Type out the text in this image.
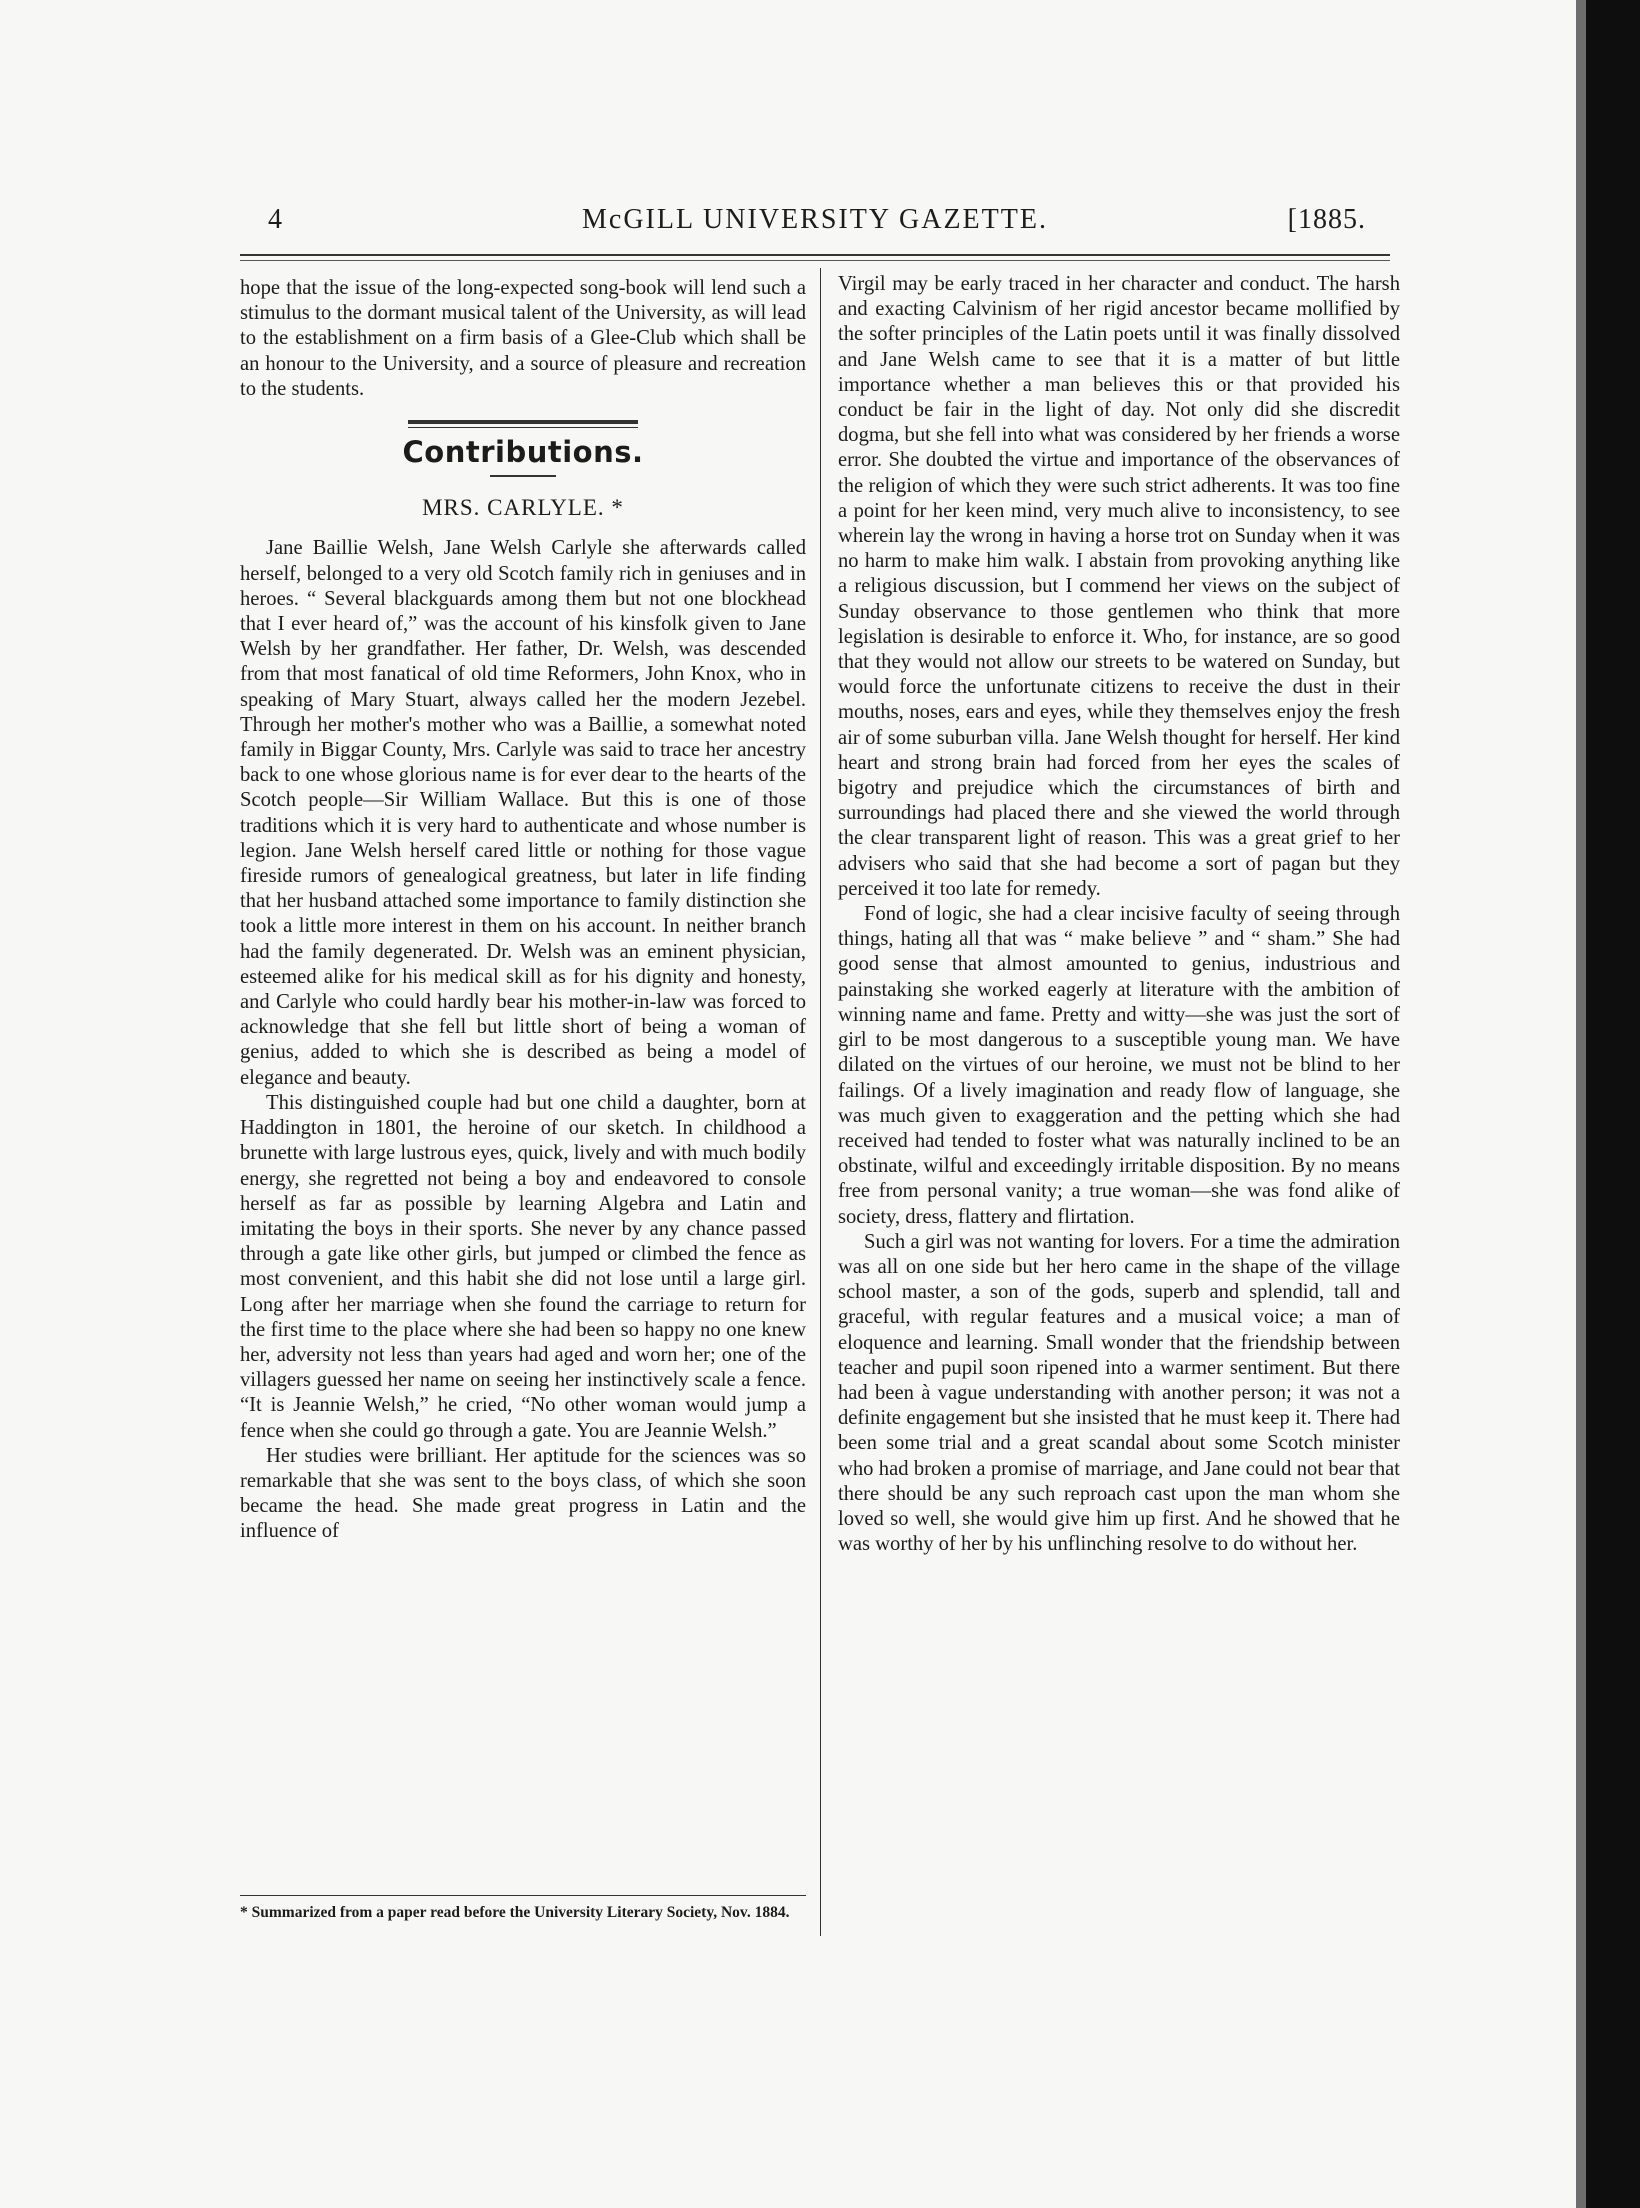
4	McGILL UNIVERSITY GAZETTE.	[1885.

hope that the issue of the long-expected song-book will lend such a stimulus to the dormant musical talent of the University, as will lead to the establishment on a firm basis of a Glee-Club which shall be an honour to the University, and a source of pleasure and recreation to the students.

Contributions.
MRS. CARLYLE. *

Jane Baillie Welsh, Jane Welsh Carlyle she afterwards called herself, belonged to a very old Scotch family rich in geniuses and in heroes. “ Several blackguards among them but not one blockhead that I ever heard of,” was the account of his kinsfolk given to Jane Welsh by her grandfather. Her father, Dr. Welsh, was descended from that most fanatical of old time Reformers, John Knox, who in speaking of Mary Stuart, always called her the modern Jezebel. Through her mother's mother who was a Baillie, a somewhat noted family in Biggar County, Mrs. Carlyle was said to trace her ancestry back to one whose glorious name is for ever dear to the hearts of the Scotch people—Sir William Wallace. But this is one of those traditions which it is very hard to authenticate and whose number is legion. Jane Welsh herself cared little or nothing for those vague fireside rumors of genealogical greatness, but later in life finding that her husband attached some importance to family distinction she took a little more interest in them on his account. In neither branch had the family degenerated. Dr. Welsh was an eminent physician, esteemed alike for his medical skill as for his dignity and honesty, and Carlyle who could hardly bear his mother-in-law was forced to acknowledge that she fell but little short of being a woman of genius, added to which she is described as being a model of elegance and beauty.

This distinguished couple had but one child a daughter, born at Haddington in 1801, the heroine of our sketch. In childhood a brunette with large lustrous eyes, quick, lively and with much bodily energy, she regretted not being a boy and endeavored to console herself as far as possible by learning Algebra and Latin and imitating the boys in their sports. She never by any chance passed through a gate like other girls, but jumped or climbed the fence as most convenient, and this habit she did not lose until a large girl. Long after her marriage when she found the carriage to return for the first time to the place where she had been so happy no one knew her, adversity not less than years had aged and worn her; one of the villagers guessed her name on seeing her instinctively scale a fence. “It is Jeannie Welsh,” he cried, “No other woman would jump a fence when she could go through a gate. You are Jeannie Welsh.”

Her studies were brilliant. Her aptitude for the sciences was so remarkable that she was sent to the boys class, of which she soon became the head. She made great progress in Latin and the influence of

* Summarized from a paper read before the University Literary Society, Nov. 1884.

Virgil may be early traced in her character and conduct. The harsh and exacting Calvinism of her rigid ancestor became mollified by the softer principles of the Latin poets until it was finally dissolved and Jane Welsh came to see that it is a matter of but little importance whether a man believes this or that provided his conduct be fair in the light of day. Not only did she discredit dogma, but she fell into what was considered by her friends a worse error. She doubted the virtue and importance of the observances of the religion of which they were such strict adherents. It was too fine a point for her keen mind, very much alive to inconsistency, to see wherein lay the wrong in having a horse trot on Sunday when it was no harm to make him walk. I abstain from provoking anything like a religious discussion, but I commend her views on the subject of Sunday observance to those gentlemen who think that more legislation is desirable to enforce it. Who, for instance, are so good that they would not allow our streets to be watered on Sunday, but would force the unfortunate citizens to receive the dust in their mouths, noses, ears and eyes, while they themselves enjoy the fresh air of some suburban villa. Jane Welsh thought for herself. Her kind heart and strong brain had forced from her eyes the scales of bigotry and prejudice which the circumstances of birth and surroundings had placed there and she viewed the world through the clear transparent light of reason. This was a great grief to her advisers who said that she had become a sort of pagan but they perceived it too late for remedy.

Fond of logic, she had a clear incisive faculty of seeing through things, hating all that was “ make believe ” and “ sham.” She had good sense that almost amounted to genius, industrious and painstaking she worked eagerly at literature with the ambition of winning name and fame. Pretty and witty—she was just the sort of girl to be most dangerous to a susceptible young man. We have dilated on the virtues of our heroine, we must not be blind to her failings. Of a lively imagination and ready flow of language, she was much given to exaggeration and the petting which she had received had tended to foster what was naturally inclined to be an obstinate, wilful and exceedingly irritable disposition. By no means free from personal vanity; a true woman—she was fond alike of society, dress, flattery and flirtation.

Such a girl was not wanting for lovers. For a time the admiration was all on one side but her hero came in the shape of the village school master, a son of the gods, superb and splendid, tall and graceful, with regular features and a musical voice; a man of eloquence and learning. Small wonder that the friendship between teacher and pupil soon ripened into a warmer sentiment. But there had been à vague understanding with another person; it was not a definite engagement but she insisted that he must keep it. There had been some trial and a great scandal about some Scotch minister who had broken a promise of marriage, and Jane could not bear that there should be any such reproach cast upon the man whom she loved so well, she would give him up first. And he showed that he was worthy of her by his unflinching resolve to do without her.
